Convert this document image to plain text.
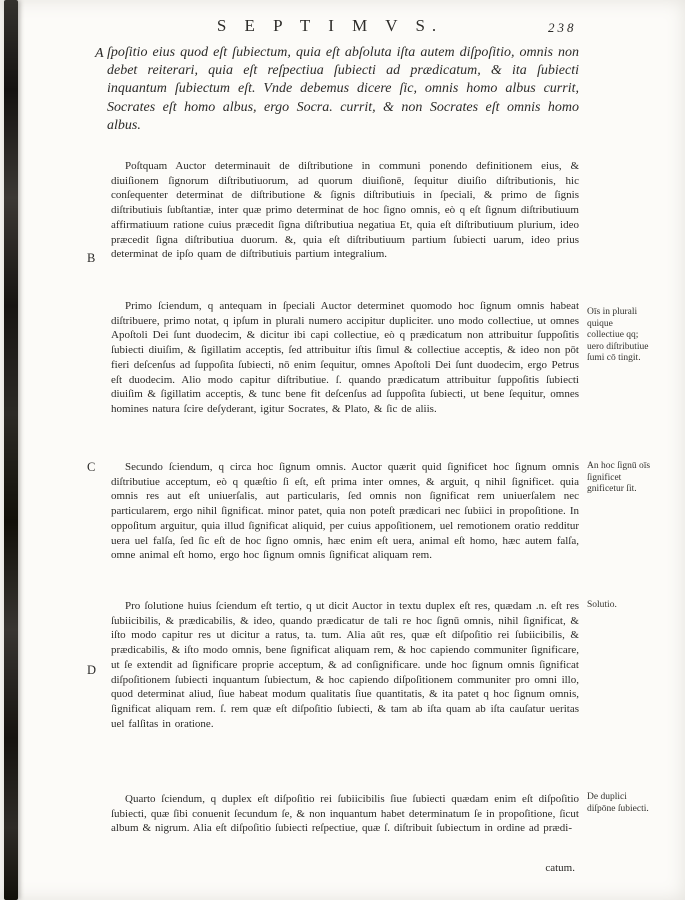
S E P T I M V S.	238
A
B
C
D

ſpoſitio eius quod eſt ſubiectum, quia eſt abſoluta iſta autem diſpoſitio, omnis non debet reiterari, quia eſt reſpectiua ſubiecti ad prædicatum, & ita ſubiecti inquantum ſubiectum eſt. Vnde debemus dicere ſic, omnis homo albus currit, Socrates eſt homo albus, ergo Socra. currit, & non Socrates eſt omnis homo albus.

Poſtquam Auctor determinauit de diſtributione in communi ponendo definitionem eius, & diuiſionem ſignorum diſtributiuorum, ad quorum diuiſionē, ſequitur diuiſio diſtributionis, hic conſequenter determinat de diſtributione & ſignis diſtributiuis in ſpeciali, & primo de ſignis diſtributiuis ſubſtantiæ, inter quæ primo determinat de hoc ſigno omnis, eò q eſt ſignum diſtributiuum affirmatiuum ratione cuius præcedit ſigna diſtributiua negatiua Et, quia eſt diſtributiuum plurium, ideo præcedit ſigna diſtributiua duorum. &, quia eſt diſtributiuum partium ſubiecti uarum, ideo prius determinat de ipſo quam de diſtributiuis partium integralium.

Primo ſciendum, q antequam in ſpeciali Auctor determinet quomodo hoc ſignum omnis habeat diſtribuere, primo notat, q ipſum in plurali numero accipitur dupliciter. uno modo collectiue, ut omnes Apoſtoli Dei ſunt duodecim, & dicitur ibi capi collectiue, eò q prædicatum non attribuitur ſuppoſitis ſubiecti diuiſim, & ſigillatim acceptis, ſed attribuitur iſtis ſimul & collectiue acceptis, & ideo non pōt fieri deſcenſus ad ſuppoſita ſubiecti, nō enim ſequitur, omnes Apoſtoli Dei ſunt duodecim, ergo Petrus eſt duodecim. Alio modo capitur diſtributiue. ſ. quando prædicatum attribuitur ſuppoſitis ſubiecti diuiſim & ſigillatim acceptis, & tunc bene fit deſcenſus ad ſuppoſita ſubiecti, ut bene ſequitur, omnes homines natura ſcire deſyderant, igitur Socrates, & Plato, & ſic de aliis.

Secundo ſciendum, q circa hoc ſignum omnis. Auctor quærit quid ſignificet hoc ſignum omnis diſtributiue acceptum, eò q quæſtio ſi eſt, eſt prima inter omnes, & arguit, q nihil ſignificet. quia omnis res aut eſt uniuerſalis, aut particularis, ſed omnis non ſignificat rem uniuerſalem nec particularem, ergo nihil ſignificat. minor patet, quia non poteſt prædicari nec ſubiici in propoſitione. In oppoſitum arguitur, quia illud ſignificat aliquid, per cuius appoſitionem, uel remotionem oratio redditur uera uel falſa, ſed ſic eſt de hoc ſigno omnis, hæc enim eſt uera, animal eſt homo, hæc autem falſa, omne animal eſt homo, ergo hoc ſignum omnis ſignificat aliquam rem.

Pro ſolutione huius ſciendum eſt tertio, q ut dicit Auctor in textu duplex eſt res, quædam .n. eſt res ſubiicibilis, & prædicabilis, & ideo, quando prædicatur de tali re hoc ſignū omnis, nihil ſignificat, & iſto modo capitur res ut dicitur a ratus, ta. tum. Alia aūt res, quæ eſt diſpoſitio rei ſubiicibilis, & prædicabilis, & iſto modo omnis, bene ſignificat aliquam rem, & hoc capiendo communiter ſignificare, ut ſe extendit ad ſignificare proprie acceptum, & ad conſignificare. unde hoc ſignum omnis ſignificat diſpoſitionem ſubiecti inquantum ſubiectum, & hoc capiendo diſpoſitionem communiter pro omni illo, quod determinat aliud, ſiue habeat modum qualitatis ſiue quantitatis, & ita patet q hoc ſignum omnis, ſignificat aliquam rem. ſ. rem quæ eſt diſpoſitio ſubiecti, & tam ab iſta quam ab iſta cauſatur ueritas uel falſitas in oratione.

Quarto ſciendum, q duplex eſt diſpoſitio rei ſubiicibilis ſiue ſubiecti quædam enim eſt diſpoſitio ſubiecti, quæ ſibi conuenit ſecundum ſe, & non inquantum habet determinatum ſe in propoſitione, ſicut album & nigrum. Alia eſt diſpoſitio ſubiecti reſpectiue, quæ ſ. diſtribuit ſubiectum in ordine ad prædi-

catum.
Oīs in plurali quique collectiue qq; uero diſtributiue ſumi cō tingit.
An hoc ſignū oīs ſignificet gnificetur ſit.
Solutio.
De duplici diſpōne ſubiecti.
